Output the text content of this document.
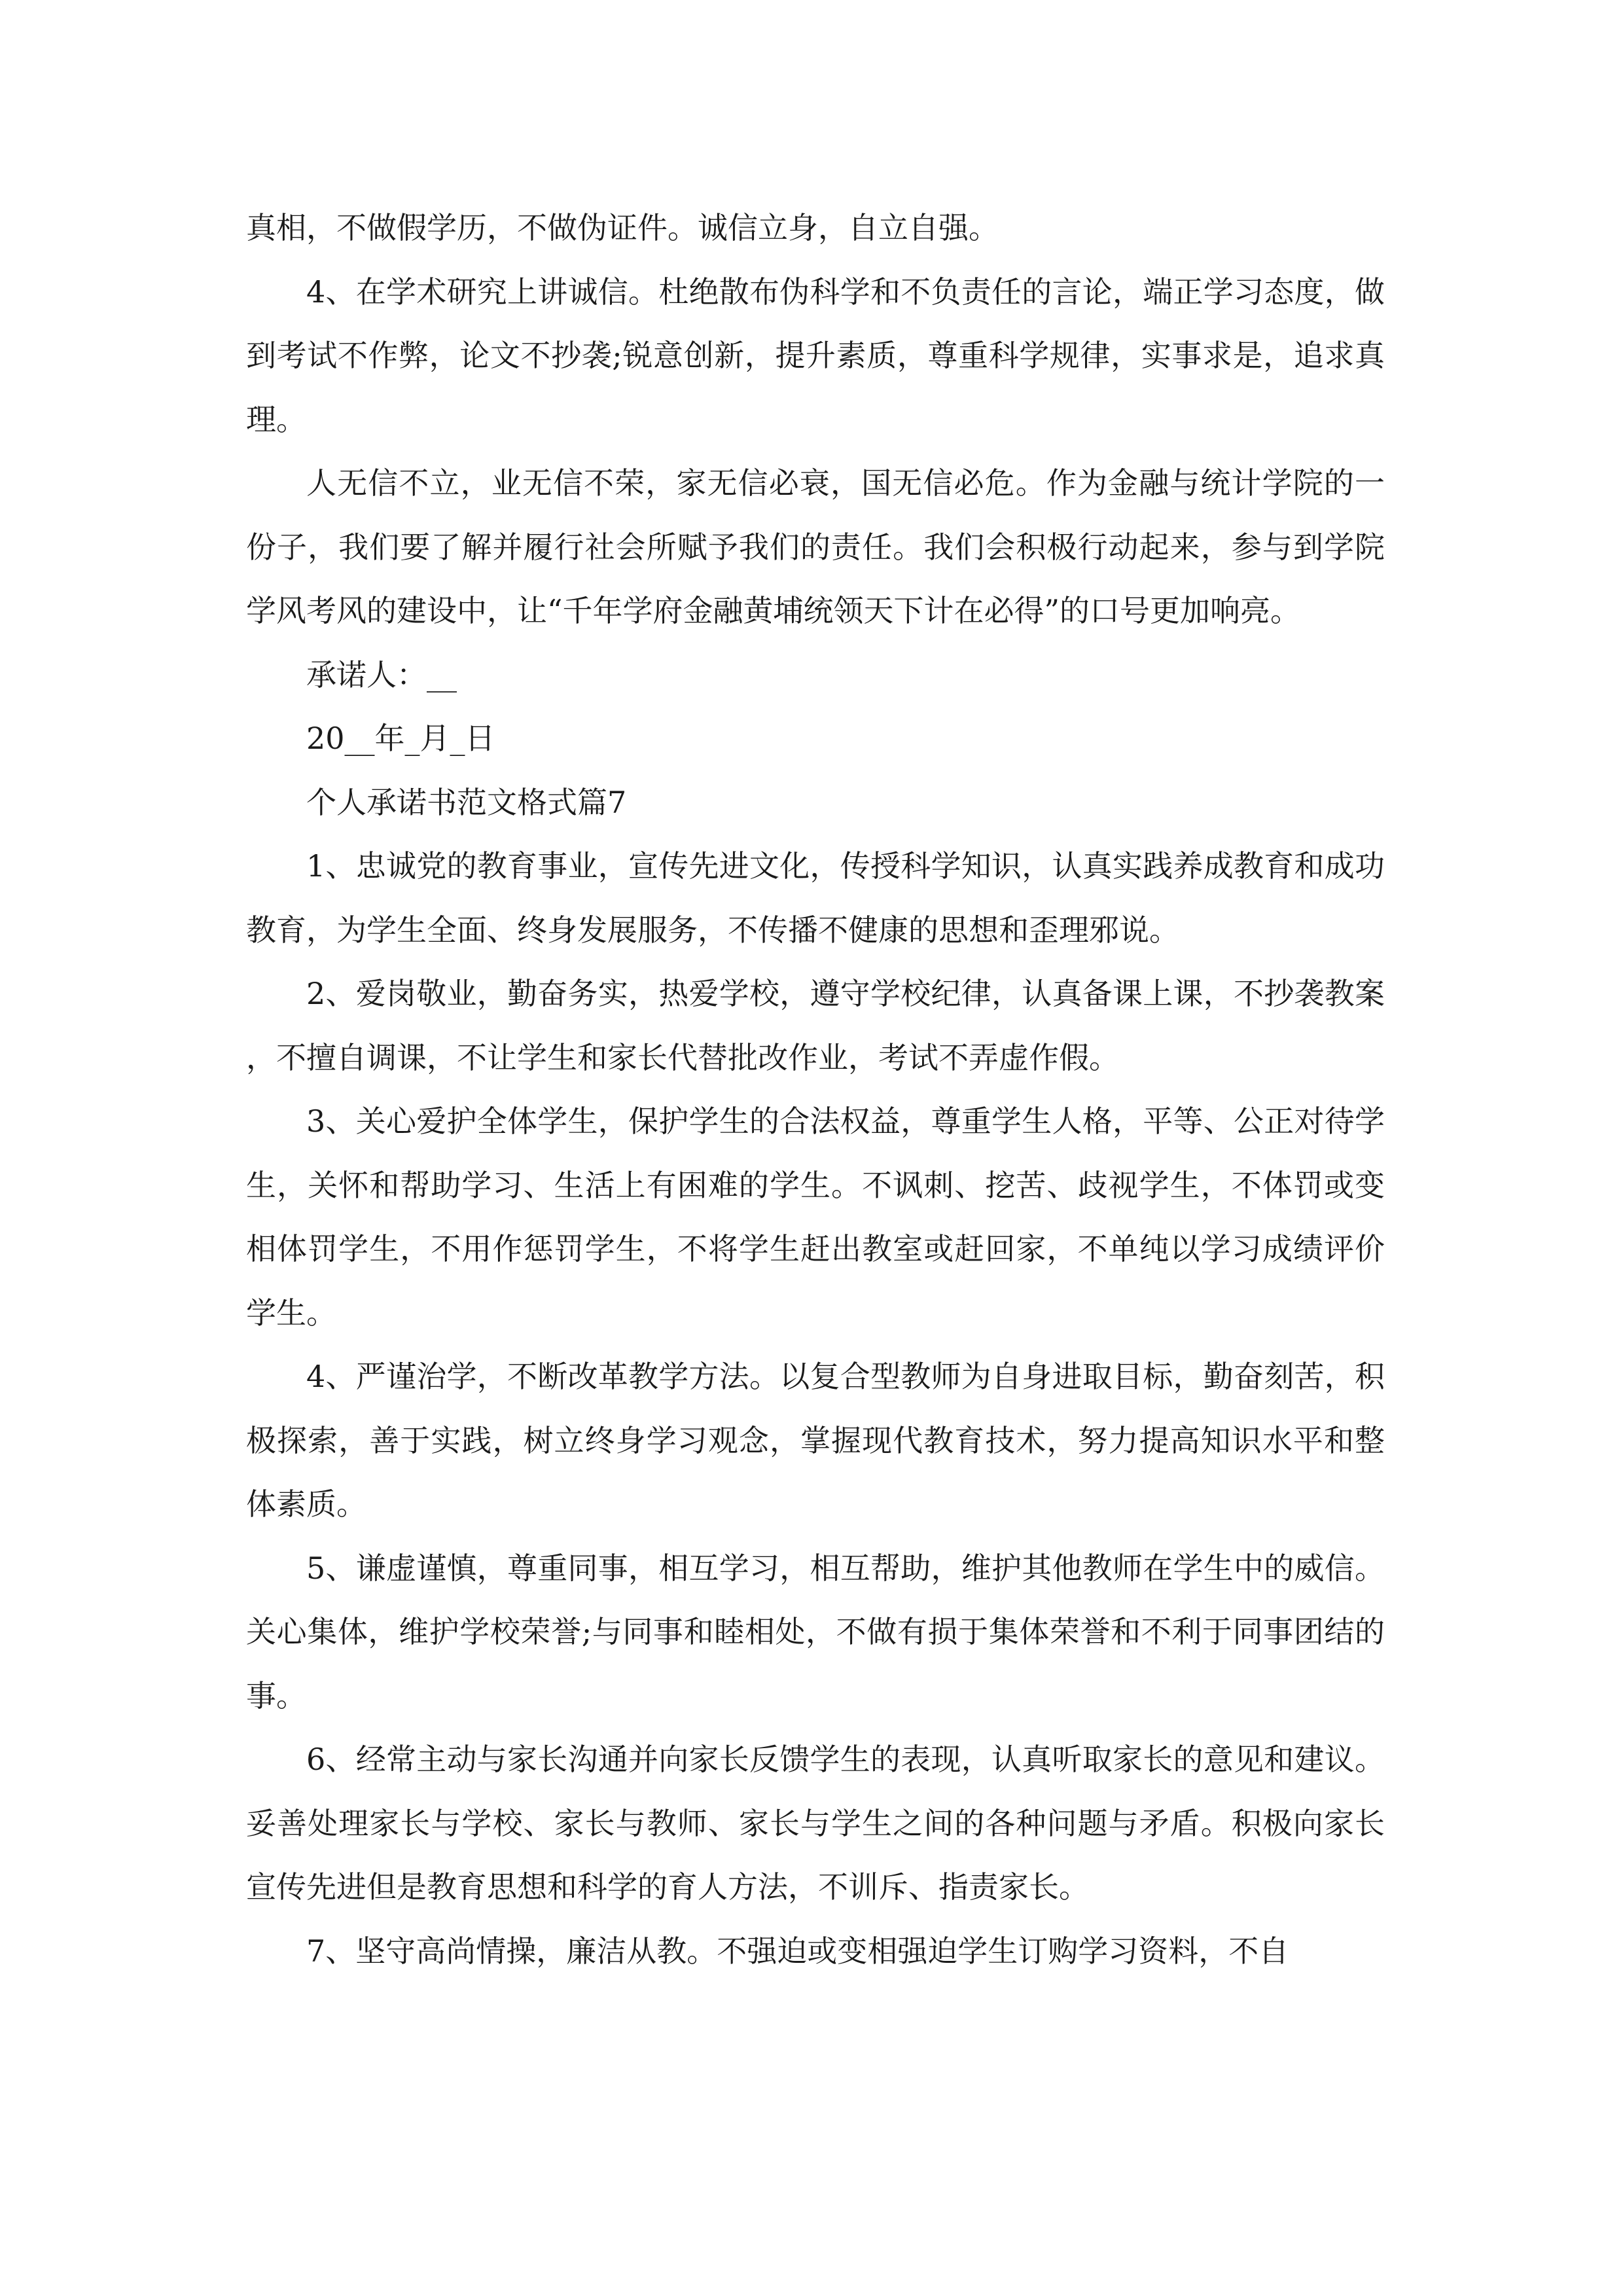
真相，不做假学历，不做伪证件。诚信立身，自立自强。

4、在学术研究上讲诚信。杜绝散布伪科学和不负责任的言论，端正学习态度，做到考试不作弊，论文不抄袭;锐意创新，提升素质，尊重科学规律，实事求是，追求真理。

人无信不立，业无信不荣，家无信必衰，国无信必危。作为金融与统计学院的一份子，我们要了解并履行社会所赋予我们的责任。我们会积极行动起来，参与到学院学风考风的建设中，让“千年学府金融黄埔统领天下计在必得”的口号更加响亮。

承诺人：__

20__年_月_日

个人承诺书范文格式篇7

1、忠诚党的教育事业，宣传先进文化，传授科学知识，认真实践养成教育和成功教育，为学生全面、终身发展服务，不传播不健康的思想和歪理邪说。

2、爱岗敬业，勤奋务实，热爱学校，遵守学校纪律，认真备课上课，不抄袭教案，不擅自调课，不让学生和家长代替批改作业，考试不弄虚作假。

3、关心爱护全体学生，保护学生的合法权益，尊重学生人格，平等、公正对待学生，关怀和帮助学习、生活上有困难的学生。不讽刺、挖苦、歧视学生，不体罚或变相体罚学生，不用作惩罚学生，不将学生赶出教室或赶回家，不单纯以学习成绩评价学生。

4、严谨治学，不断改革教学方法。以复合型教师为自身进取目标，勤奋刻苦，积极探索，善于实践，树立终身学习观念，掌握现代教育技术，努力提高知识水平和整体素质。

5、谦虚谨慎，尊重同事，相互学习，相互帮助，维护其他教师在学生中的威信。关心集体，维护学校荣誉;与同事和睦相处，不做有损于集体荣誉和不利于同事团结的事。

6、经常主动与家长沟通并向家长反馈学生的表现，认真听取家长的意见和建议。妥善处理家长与学校、家长与教师、家长与学生之间的各种问题与矛盾。积极向家长宣传先进但是教育思想和科学的育人方法，不训斥、指责家长。

7、坚守高尚情操，廉洁从教。不强迫或变相强迫学生订购学习资料，不自
